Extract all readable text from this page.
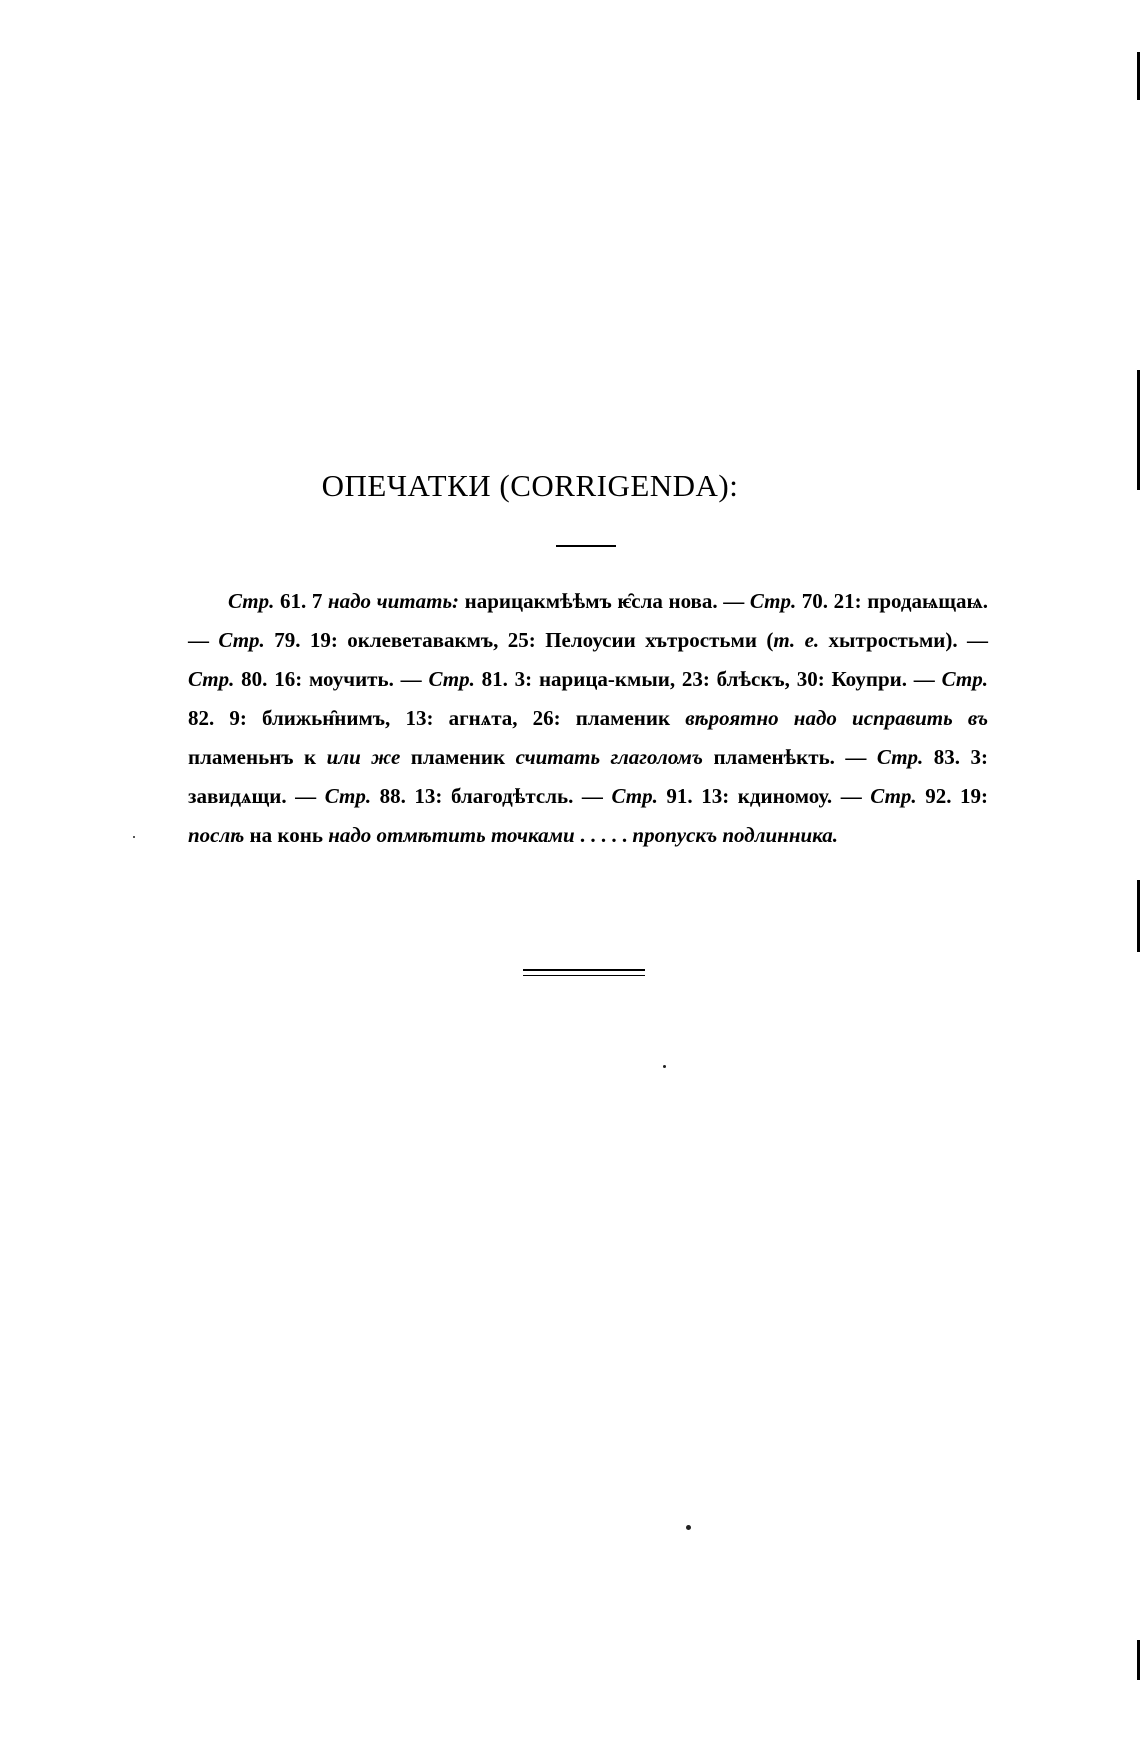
ОПЕЧАТКИ (CORRIGENDA):

Стр. 61. 7 надо читать: нарицакмѣѣмъ ѥ̑сла нова. — Стр. 70. 21: продаѩщаѩ. — Стр. 79. 19: оклеветавакмъ, 25: Пелоусии хътростьми (т. е. хытростьми). — Стр. 80. 16: моучить. — Стр. 81. 3: нарица-кмыи, 23: блѣскъ, 30: Коупри. — Стр. 82. 9: ближьн̑нимъ, 13: агнѧта, 26: пламеник вѣроятно надо исправить въ пламеньнъ к или же пламеник считать глаголомъ пламенѣкть. — Стр. 83. 3: завидѧщи. — Стр. 88. 13: благодѣтсль. — Стр. 91. 13: кдиномоу. — Стр. 92. 19: послѣ на конь надо отмѣтить точками . . . . . пропускъ подлинника.
